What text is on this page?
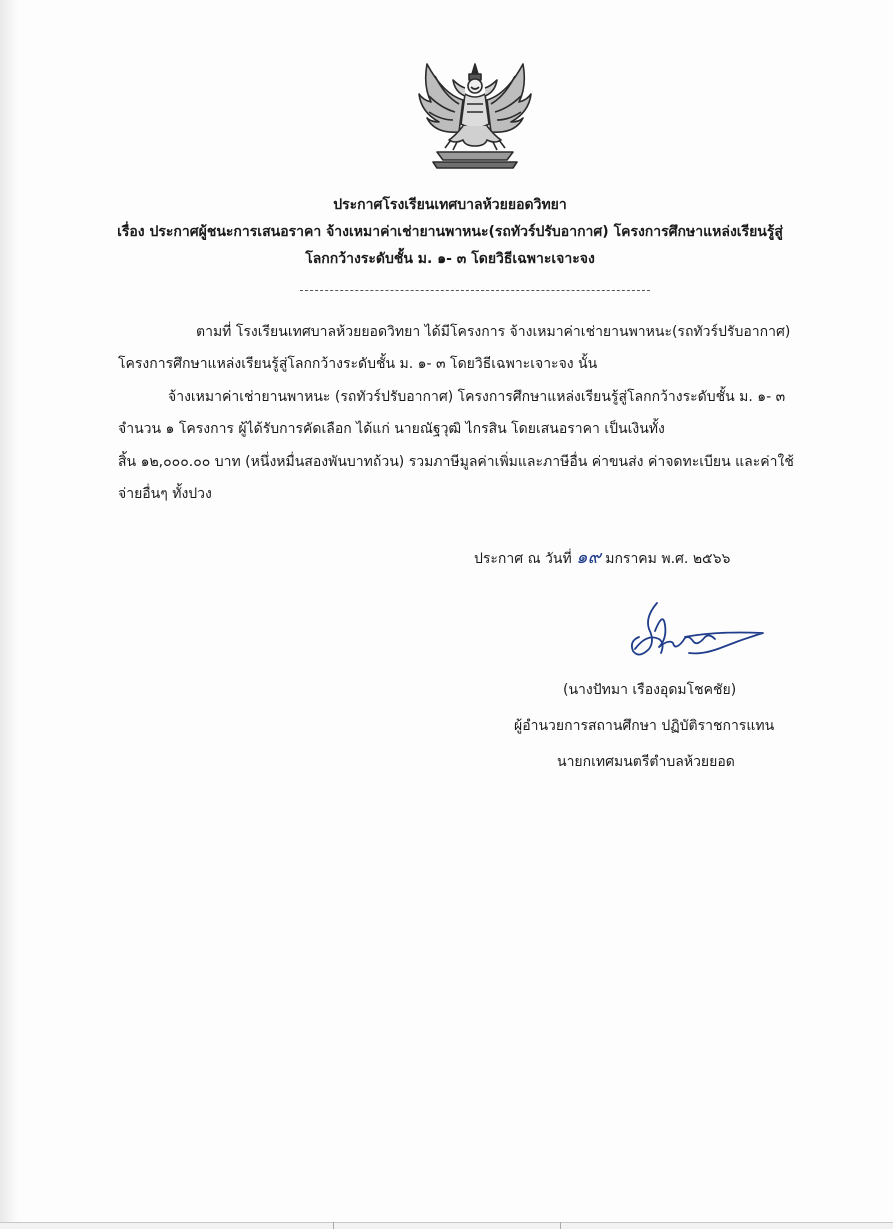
ประกาศโรงเรียนเทศบาลห้วยยอดวิทยา
เรื่อง ประกาศผู้ชนะการเสนอราคา จ้างเหมาค่าเช่ายานพาหนะ(รถทัวร์ปรับอากาศ) โครงการศึกษาแหล่งเรียนรู้สู่
โลกกว้างระดับชั้น ม. ๑- ๓ โดยวิธีเฉพาะเจาะจง
ตามที่ โรงเรียนเทศบาลห้วยยอดวิทยา ได้มีโครงการ จ้างเหมาค่าเช่ายานพาหนะ(รถทัวร์ปรับอากาศ)
โครงการศึกษาแหล่งเรียนรู้สู่โลกกว้างระดับชั้น ม. ๑- ๓ โดยวิธีเฉพาะเจาะจง นั้น
จ้างเหมาค่าเช่ายานพาหนะ (รถทัวร์ปรับอากาศ) โครงการศึกษาแหล่งเรียนรู้สู่โลกกว้างระดับชั้น ม. ๑- ๓
จำนวน ๑ โครงการ ผู้ได้รับการคัดเลือก ได้แก่ นายณัฐวุฒิ ไกรสิน โดยเสนอราคา เป็นเงินทั้ง
สิ้น ๑๒,๐๐๐.๐๐ บาท (หนึ่งหมื่นสองพันบาทถ้วน) รวมภาษีมูลค่าเพิ่มและภาษีอื่น ค่าขนส่ง ค่าจดทะเบียน และค่าใช้
จ่ายอื่นๆ ทั้งปวง
ประกาศ ณ วันที่ ๑๙ มกราคม พ.ศ. ๒๕๖๖
(นางปัทมา เรืองอุดมโชคชัย)
ผู้อำนวยการสถานศึกษา ปฏิบัติราชการแทน
นายกเทศมนตรีตำบลห้วยยอด
